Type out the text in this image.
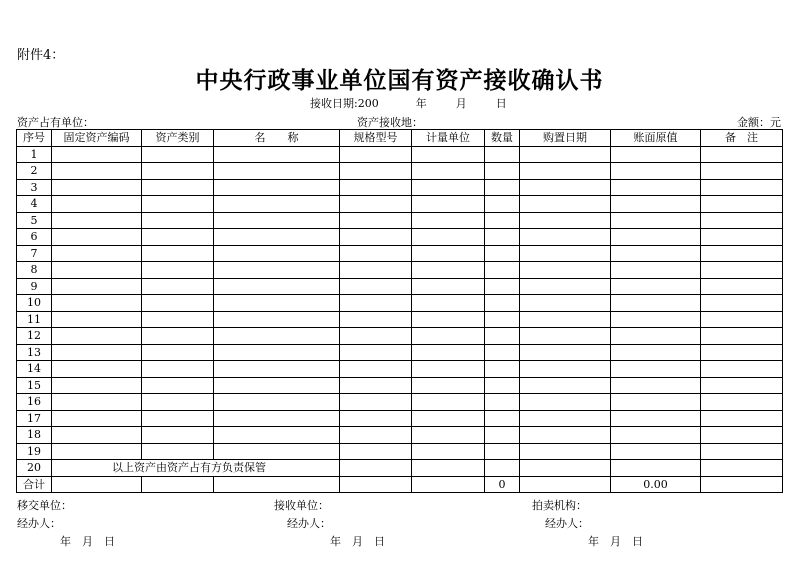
附件4：
中央行政事业单位国有资产接收确认书
接收日期:200	年	月	日
资产占有单位：	资产接收地：	金额：元
序号	固定资产编码	资产类别	名　　称	规格型号	计量单位	数量	购置日期	账面原值	备　注
1									
2									
3									
4									
5									
6									
7									
8									
9									
10									
11									
12									
13									
14									
15									
16									
17									
18									
19									
20	以上资产由资产占有方负责保管								
合计						0		0.00	
移交单位：	接收单位：	拍卖机构：
经办人：	经办人：	经办人：
年　月　日	年　月　日	年　月　日
